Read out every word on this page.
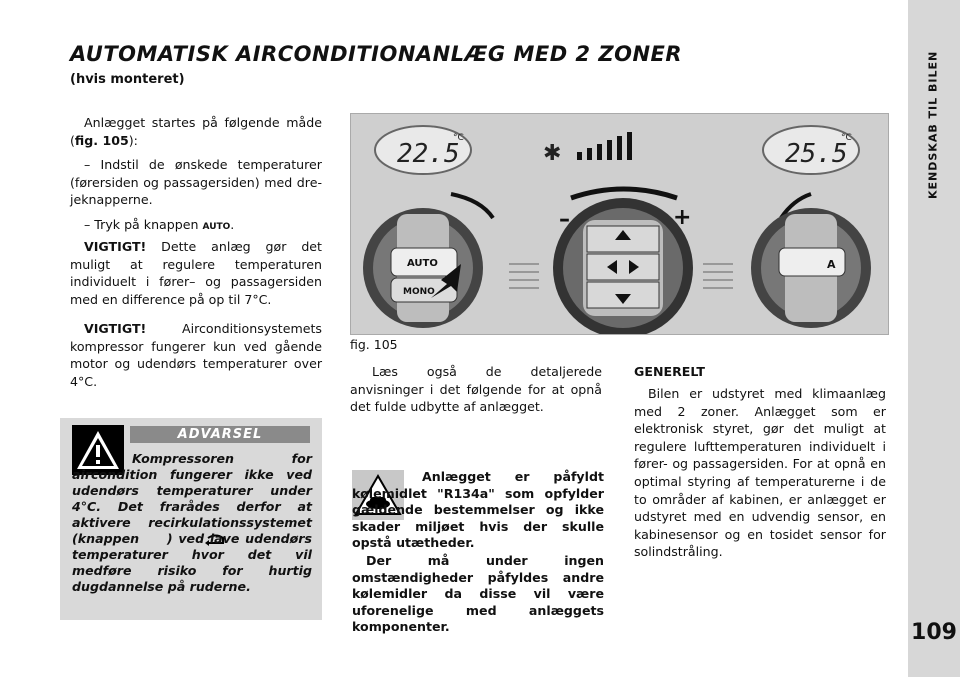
KENDSKAB TIL BILEN
109
AUTOMATISK AIRCONDITIONANLÆG MED 2 ZONER
(hvis monteret)

Anlægget startes på følgende måde (fig. 105):

– Indstil de ønskede temperaturer (førersiden og passagersiden) med drejeknapperne.

– Tryk på knappen AUTO.

VIGTIGT! Dette anlæg gør det muligt at regulere temperaturen individuelt i fører– og passagersiden med en difference på op til 7°C.

VIGTIGT! Airconditionsystemets kompressor fungerer kun ved gående motor og udendørs temperaturer over 4°C.

ADVARSEL

Kompressoren for aircondition fungerer ikke ved udendørs temperaturer under 4°C. Det frarådes derfor at aktivere recirkulationssystemet (knappen ) ved lave udendørs temperaturer hvor det vil medføre risiko for hurtig dugdannelse på ruderne.

22.5
°C
✱	25.5
°C
–	+
AUTO
MONO
A
fig. 105

Læs også de detaljerede anvisninger i det følgende for at opnå det fulde udbytte af anlægget.

Anlægget er påfyldt kølemidlet "R134a" som opfylder gældende bestemmelser og ikke skader miljøet hvis der skulle opstå utætheder.

Der må under ingen omstændigheder påfyldes andre kølemidler da disse vil være uforenelige med anlæggets komponenter.

GENERELT

Bilen er udstyret med klimaanlæg med 2 zoner. Anlægget som er elektronisk styret, gør det muligt at regulere lufttemperaturen individuelt i fører- og passagersiden. For at opnå en optimal styring af temperaturerne i de to områder af kabinen, er anlægget er udstyret med en udvendig sensor, en kabinesensor og en tosidet sensor for solindstråling.
